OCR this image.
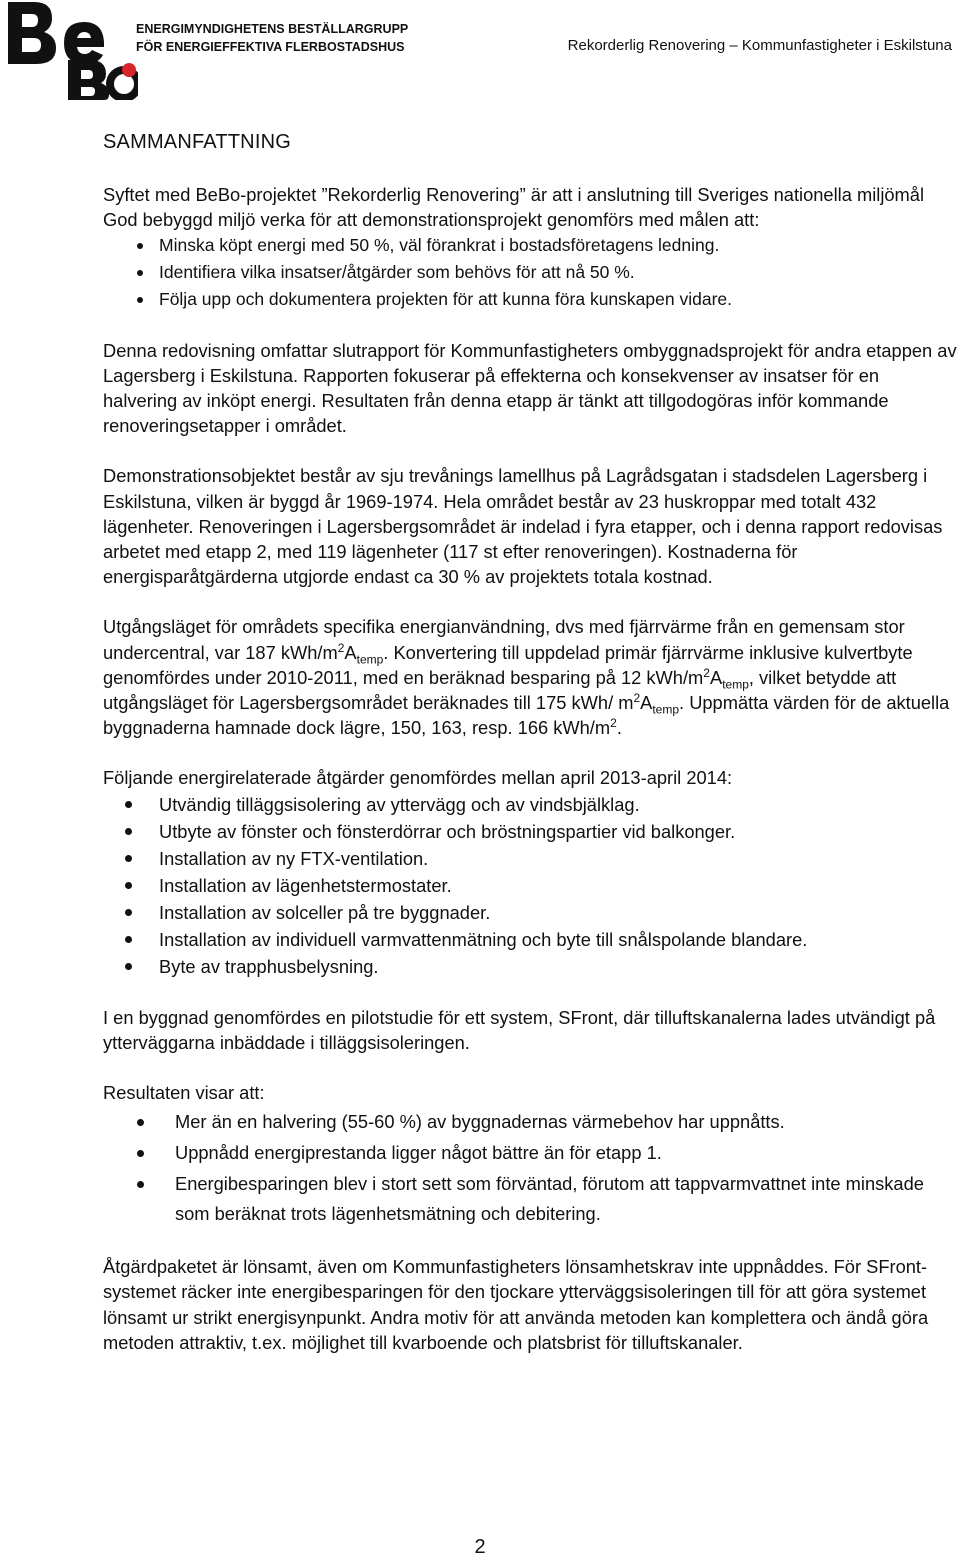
ENERGIMYNDIGHETENS BESTÄLLARGRUPP
FÖR ENERGIEFFEKTIVA FLERBOSTADSHUS	Rekorderlig Renovering – Kommunfastigheter i Eskilstuna
SAMMANFATTNING

Syftet med BeBo-projektet ”Rekorderlig Renovering” är att i anslutning till Sveriges nationella miljömål God bebyggd miljö verka för att demonstrationsprojekt genomförs med målen att:

Minska köpt energi med 50 %, väl förankrat i bostadsföretagens ledning.
Identifiera vilka insatser/åtgärder som behövs för att nå 50 %.
Följa upp och dokumentera projekten för att kunna föra kunskapen vidare.

Denna redovisning omfattar slutrapport för Kommunfastigheters ombyggnadsprojekt för andra etappen av Lagersberg i Eskilstuna. Rapporten fokuserar på effekterna och konsekvenser av insatser för en halvering av inköpt energi. Resultaten från denna etapp är tänkt att tillgodogöras inför kommande renoveringsetapper i området.

Demonstrationsobjektet består av sju trevånings lamellhus på Lagrådsgatan i stadsdelen Lagersberg i Eskilstuna, vilken är byggd år 1969-1974. Hela området består av 23 huskroppar med totalt 432 lägenheter. Renoveringen i Lagersbergsområdet är indelad i fyra etapper, och i denna rapport redovisas arbetet med etapp 2, med 119 lägenheter (117 st efter renoveringen). Kostnaderna för energisparåtgärderna utgjorde endast ca 30 % av projektets totala kostnad.

Utgångsläget för områdets specifika energianvändning, dvs med fjärrvärme från en gemensam stor undercentral, var 187 kWh/$m^2A_{temp}$. Konvertering till uppdelad primär fjärrvärme inklusive kulvertbyte genomfördes under 2010-2011, med en beräknad besparing på 12 kWh/$m^2A_{temp}$, vilket betydde att utgångsläget för Lagersbergsområdet beräknades till 175 kWh/ $m^2A_{temp}$. Uppmätta värden för de aktuella byggnaderna hamnade dock lägre, 150, 163, resp. 166 kWh/$m^2$.

Följande energirelaterade åtgärder genomfördes mellan april 2013-april 2014:

Utvändig tilläggsisolering av yttervägg och av vindsbjälklag.
Utbyte av fönster och fönsterdörrar och bröstningspartier vid balkonger.
Installation av ny FTX-ventilation.
Installation av lägenhetstermostater.
Installation av solceller på tre byggnader.
Installation av individuell varmvattenmätning och byte till snålspolande blandare.
Byte av trapphusbelysning.

I en byggnad genomfördes en pilotstudie för ett system, SFront, där tilluftskanalerna lades utvändigt på ytterväggarna inbäddade i tilläggsisoleringen.

Resultaten visar att:

Mer än en halvering (55-60 %) av byggnadernas värmebehov har uppnåtts.
Uppnådd energiprestanda ligger något bättre än för etapp 1.
Energibesparingen blev i stort sett som förväntad, förutom att tappvarmvattnet inte minskade som beräknat trots lägenhetsmätning och debitering.

Åtgärdpaketet är lönsamt, även om Kommunfastigheters lönsamhetskrav inte uppnåddes. För SFront-systemet räcker inte energibesparingen för den tjockare ytterväggsisoleringen till för att göra systemet lönsamt ur strikt energisynpunkt. Andra motiv för att använda metoden kan komplettera och ändå göra metoden attraktiv, t.ex. möjlighet till kvarboende och platsbrist för tilluftskanaler.

2
